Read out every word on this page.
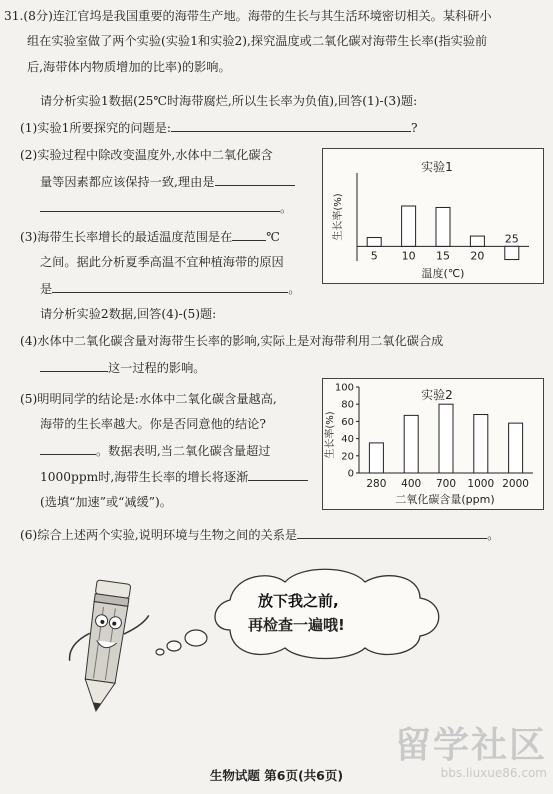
31.(8分)连江官坞是我国重要的海带生产地。海带的生长与其生活环境密切相关。某科研小
组在实验室做了两个实验(实验1和实验2),探究温度或二氧化碳对海带生长率(指实验前
后,海带体内物质增加的比率)的影响。
请分析实验1数据(25℃时海带腐烂,所以生长率为负值),回答(1)-(3)题:
(1)实验1所要探究的问题是:	?
(2)实验过程中除改变温度外,水体中二氧化碳含
量等因素都应该保持一致,理由是
。
(3)海带生长率增长的最适温度范围是在	℃
之间。据此分析夏季高温不宜种植海带的原因
是	。
请分析实验2数据,回答(4)-(5)题:
(4)水体中二氧化碳含量对海带生长率的影响,实际上是对海带利用二氧化碳合成
这一过程的影响。
(5)明明同学的结论是:水体中二氧化碳含量越高,
海带的生长率越大。你是否同意他的结论?
。数据表明,当二氧化碳含量超过
1000ppm时,海带生长率的增长将逐渐
(选填“加速”或“减缓”)。
(6)综合上述两个实验,说明环境与生物之间的关系是	。
实验1
生长率(%)
5 10 15 20
25
温度(℃)
实验2
生长率(%)
0
20
40
60
80
100
280 400 700 1000 2000
二氧化碳含量(ppm)
放下我之前,
再检查一遍哦!
生物试题 第6页(共6页)
留学社区
bbs.liuxue86.com
